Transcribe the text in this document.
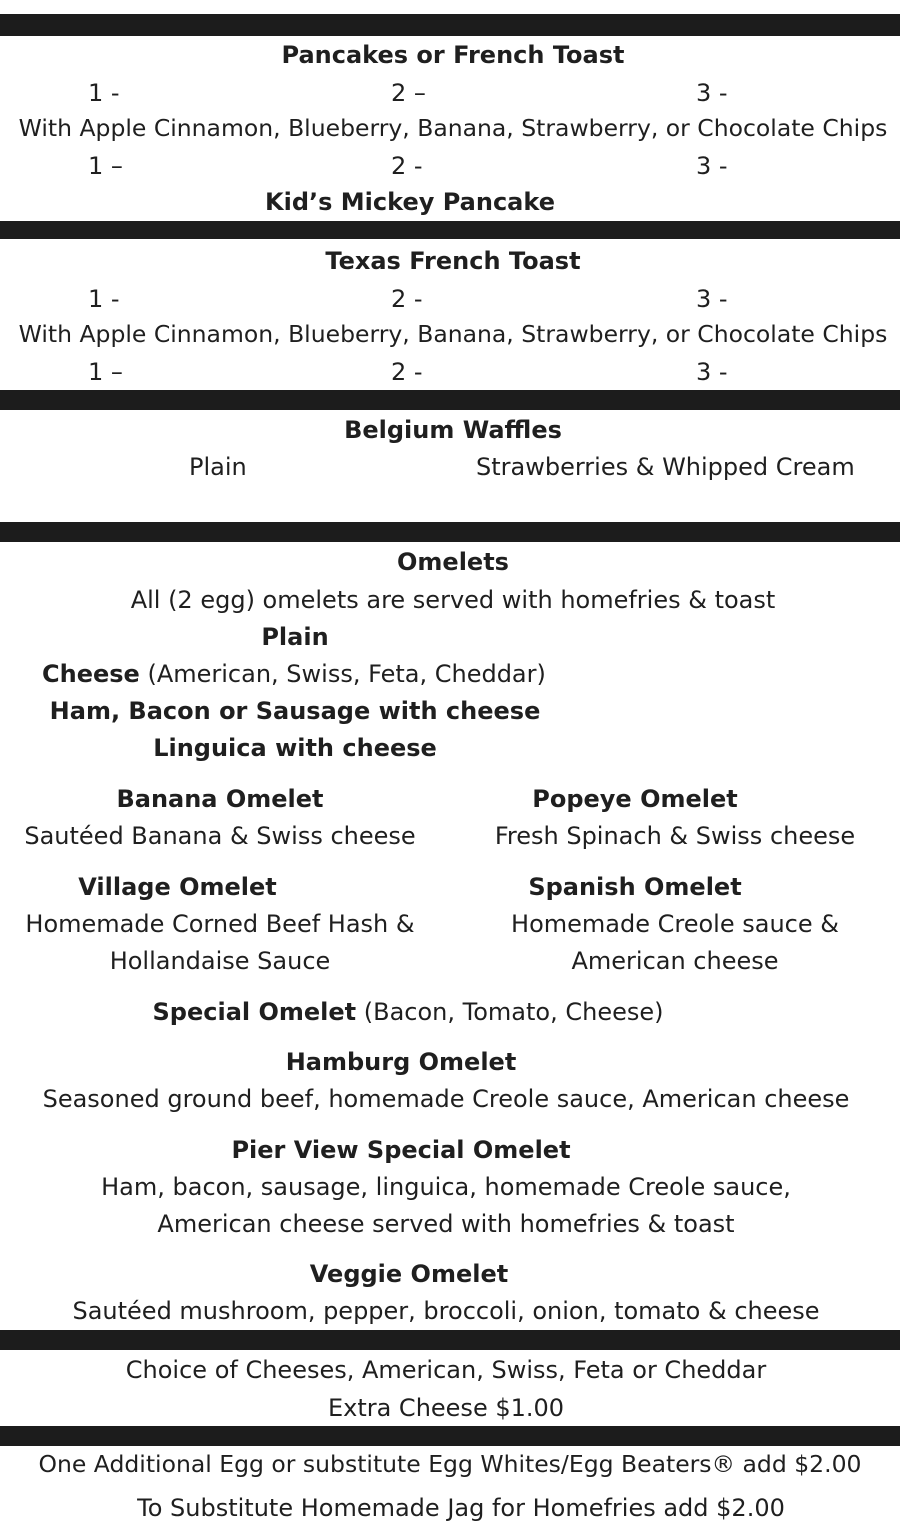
Pancakes or French Toast
1 -	2 –	3 -
With Apple Cinnamon, Blueberry, Banana, Strawberry, or Chocolate Chips
1 –	2 -	3 -
Kid’s Mickey Pancake
Texas French Toast
1 -	2 -	3 -
With Apple Cinnamon, Blueberry, Banana, Strawberry, or Chocolate Chips
1 –	2 -	3 -
Belgium Waffles
Plain	Strawberries & Whipped Cream
Omelets
All (2 egg) omelets are served with homefries & toast
Plain
Cheese (American, Swiss, Feta, Cheddar)
Ham, Bacon or Sausage with cheese
Linguica with cheese
Banana Omelet
Sautéed Banana & Swiss cheese
Popeye Omelet
Fresh Spinach & Swiss cheese
Village Omelet
Homemade Corned Beef Hash &
Hollandaise Sauce
Spanish Omelet
Homemade Creole sauce &
American cheese
Special Omelet (Bacon, Tomato, Cheese)
Hamburg Omelet
Seasoned ground beef, homemade Creole sauce, American cheese
Pier View Special Omelet
Ham, bacon, sausage, linguica, homemade Creole sauce,
American cheese served with homefries & toast
Veggie Omelet
Sautéed mushroom, pepper, broccoli, onion, tomato & cheese
Choice of Cheeses, American, Swiss, Feta or Cheddar
Extra Cheese $1.00
One Additional Egg or substitute Egg Whites/Egg Beaters® add $2.00
To Substitute Homemade Jag for Homefries add $2.00
